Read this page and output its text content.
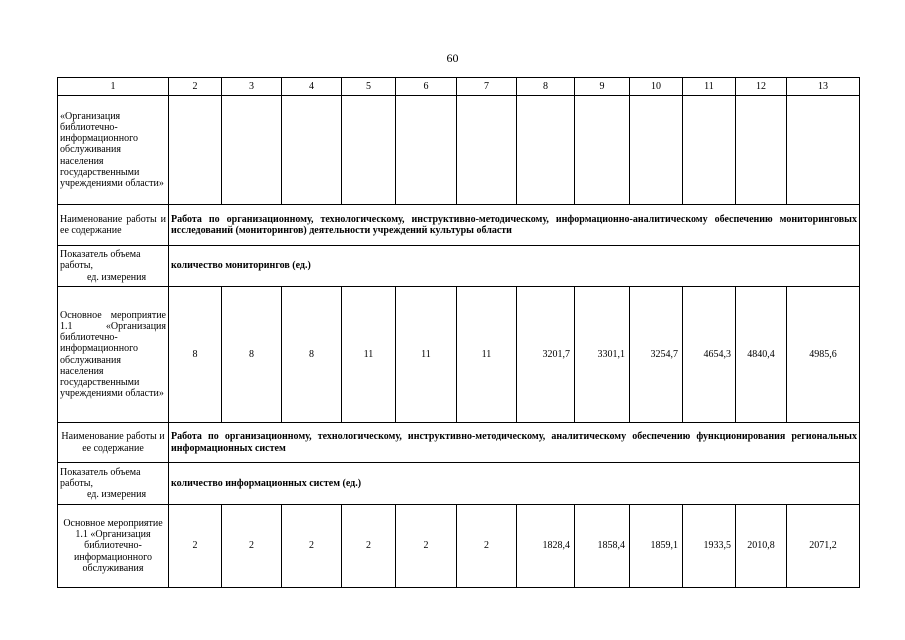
60
1	2	3	4	5	6	7	8	9	10	11	12	13
«Организация библиотечно-информационного обслуживания населения государственными учреждениями области»												
Наименование работы и ее содержание	Работа по организационному, технологическому, инструктивно-методическому, информационно-аналитическому обеспечению мониторинговых исследований (мониторингов) деятельности учреждений культуры области											
Показатель объема работы,
ед. измерения	количество мониторингов (ед.)											
Основное мероприятие 1.1 «Организация библиотечно-информационного обслуживания населения государственными учреждениями области»	8	8	8	11	11	11	3201,7	3301,1	3254,7	4654,3	4840,4	4985,6
Наименование работы и ее содержание	Работа по организационному, технологическому, инструктивно-методическому, аналитическому обеспечению функционирования региональных информационных систем											
Показатель объема работы,
ед. измерения	количество информационных систем (ед.)											
Основное мероприятие 1.1 «Организация библиотечно-информационного обслуживания	2	2	2	2	2	2	1828,4	1858,4	1859,1	1933,5	2010,8	2071,2
